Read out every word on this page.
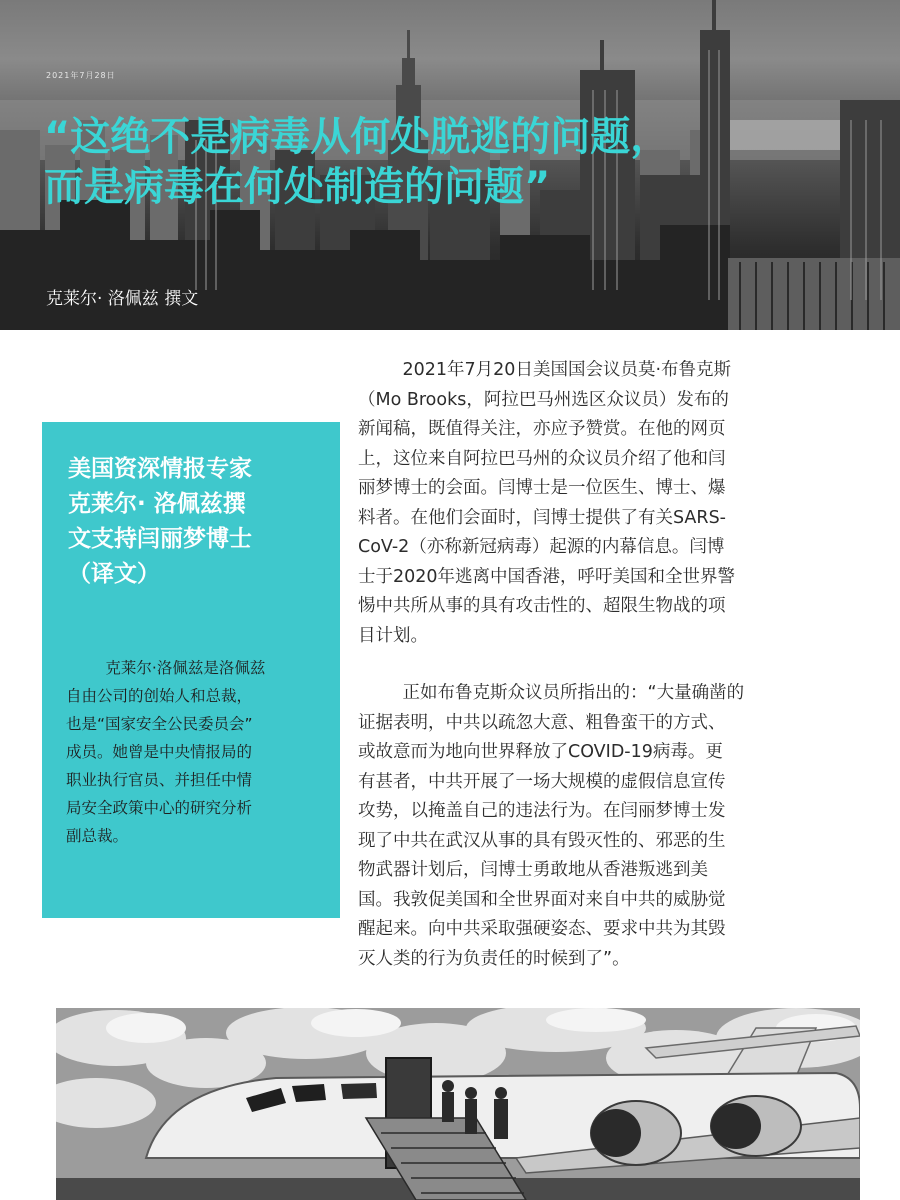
2021年7月28日
“这绝不是病毒从何处脱逃的问题，
而是病毒在何处制造的问题”
克莱尔· 洛佩兹 撰文
美国资深情报专家
克莱尔· 洛佩兹撰
文支持闫丽梦博士
（译文）

克莱尔·洛佩兹是洛佩兹
自由公司的创始人和总裁，
也是“国家安全公民委员会”
成员。她曾是中央情报局的
职业执行官员、并担任中情
局安全政策中心的研究分析
副总裁。

2021年7月20日美国国会议员莫·布鲁克斯
（Mo Brooks，阿拉巴马州选区众议员）发布的
新闻稿，既值得关注，亦应予赞赏。在他的网页
上，这位来自阿拉巴马州的众议员介绍了他和闫
丽梦博士的会面。闫博士是一位医生、博士、爆
料者。在他们会面时，闫博士提供了有关SARS-
CoV-2（亦称新冠病毒）起源的内幕信息。闫博
士于2020年逃离中国香港，呼吁美国和全世界警
惕中共所从事的具有攻击性的、超限生物战的项
目计划。

正如布鲁克斯众议员所指出的：“大量确凿的
证据表明，中共以疏忽大意、粗鲁蛮干的方式、
或故意而为地向世界释放了COVID-19病毒。更
有甚者，中共开展了一场大规模的虚假信息宣传
攻势，以掩盖自己的违法行为。在闫丽梦博士发
现了中共在武汉从事的具有毁灭性的、邪恶的生
物武器计划后，闫博士勇敢地从香港叛逃到美
国。我敦促美国和全世界面对来自中共的威胁觉
醒起来。向中共采取强硬姿态、要求中共为其毁
灭人类的行为负责任的时候到了”。
